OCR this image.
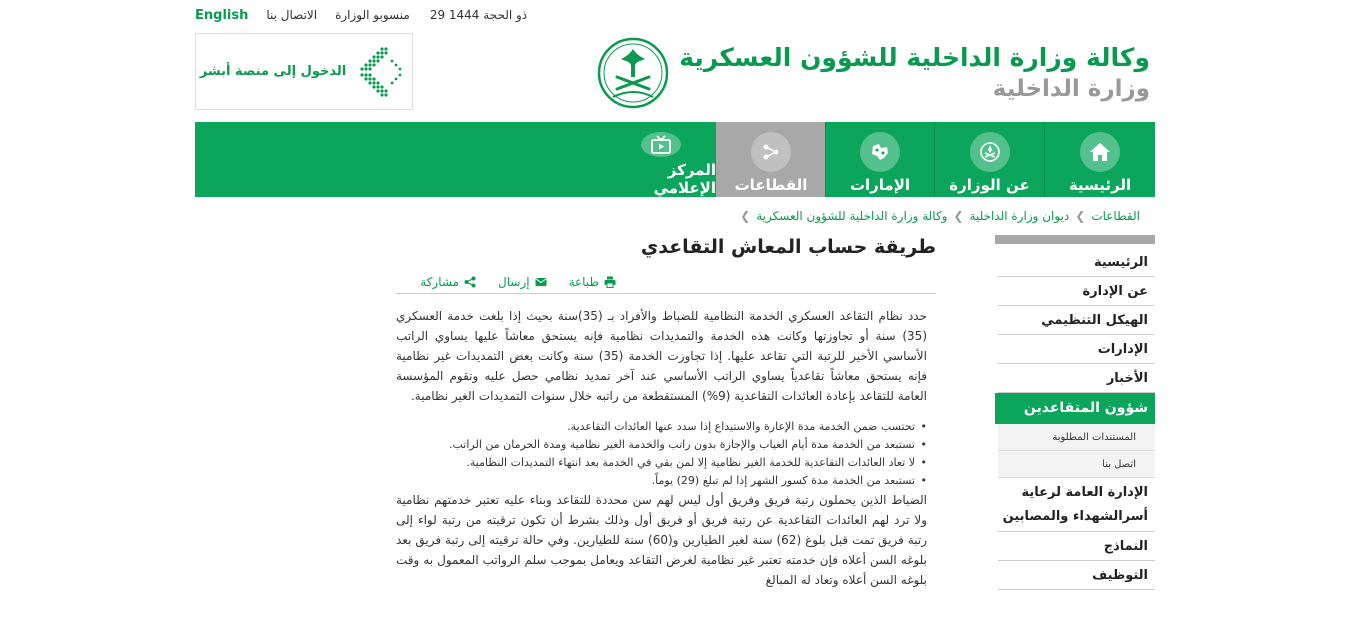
English الاتصال بنا منسوبو الوزارة 29 ذو الحجة 1444
وكالة وزارة الداخلية للشؤون العسكرية
وزارة الداخلية
الدخول إلى منصة أبشر
الرئيسية
عن الوزارة
الإمارات
القطاعات
المركز الإعلامي
القطاعات
❯
ديوان وزارة الداخلية
❯
وكالة وزارة الداخلية للشؤون العسكرية
❯
الرئيسية
عن الإدارة
الهيكل التنظيمي
الإدارات
الأخبار
شؤون المتقاعدين
المستندات المطلوبة
اتصل بنا
الإدارة العامة لرعاية أسرالشهداء والمصابين
النماذج
التوظيف
طريقة حساب المعاش التقاعدي
مشاركة	إرسال	طباعة

حدد نظام التقاعد العسكري الخدمة النظامية للضباط والأفراد بـ (35)سنة بحيث إذا بلغت خدمة العسكري (35) سنة أو تجاوزتها وكانت هذه الخدمة والتمديدات نظامية فإنه يستحق معاشاً عليها يساوي الراتب الأساسي الأخير للرتبة التي تقاعد عليها. إذا تجاوزت الخدمة (35) سنة وكانت بعض التمديدات غير نظامية فإنه يستحق معاشاً تقاعدياً يساوي الراتب الأساسي عند آخر تمديد نظامي حصل عليه وتقوم المؤسسة العامة للتقاعد بإعادة العائدات التقاعدية (9%) المستقطعة من راتبه خلال سنوات التمديدات الغير نظامية.

• تحتسب ضمن الخدمة مدة الإعارة والاستيداع إذا سدد عنها العائدات التقاعدية.
• تستبعد من الخدمة مدة أيام الغياب والإجازة بدون راتب والخدمة الغير نظامية ومدة الحرمان من الراتب.
• لا تعاد العائدات التقاعدية للخدمة الغير نظامية إلا لمن بقي في الخدمة بعد انتهاء التمديدات النظامية.
• تستبعد من الخدمة مدة كسور الشهر إذا لم تبلغ (29) يوماً.

الضباط الذين يحملون رتبة فريق وفريق أول ليس لهم سن محددة للتقاعد وبناء عليه تعتبر خدمتهم نظامية ولا ترد لهم العائدات التقاعدية عن رتبة فريق أو فريق أول وذلك بشرط أن تكون ترقيته من رتبة لواء إلى رتبة فريق تمت قبل بلوغ (62) سنة لغير الطيارين و(60) سنة للطيارين. وفي حالة ترقيته إلى رتبة فريق بعد بلوغه السن أعلاه فإن خدمته تعتبر غير نظامية لغرض التقاعد ويعامل بموجب سلم الرواتب المعمول به وقت بلوغه السن أعلاه وتعاد له المبالغ
